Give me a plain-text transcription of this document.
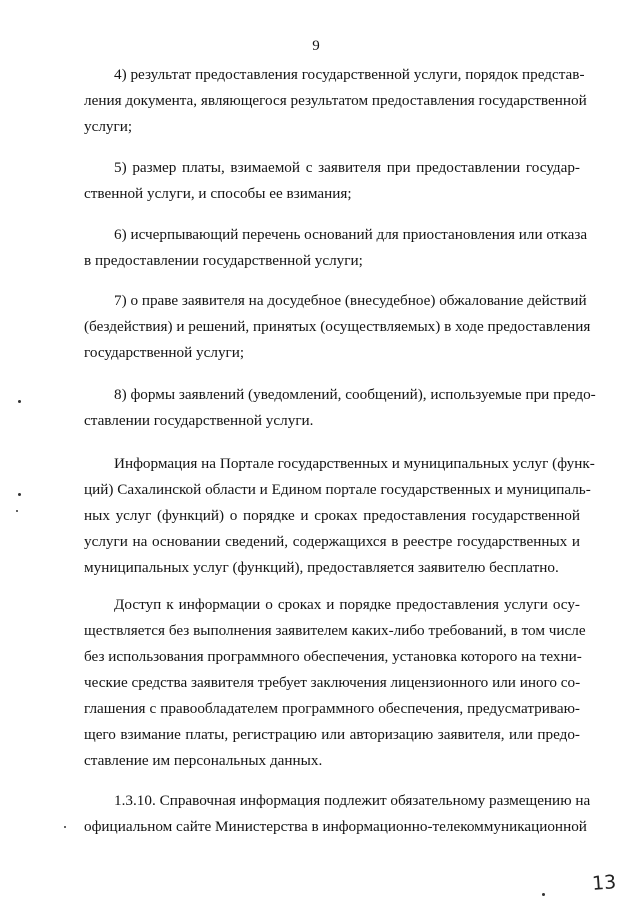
9

4) результат предоставления государственной услуги, порядок представ-
ления документа, являющегося результатом предоставления государственной
услуги;

5) размер платы, взимаемой с заявителя при предоставлении государ-
ственной услуги, и способы ее взимания;

6) исчерпывающий перечень оснований для приостановления или отказа
в предоставлении государственной услуги;

7) о праве заявителя на досудебное (внесудебное) обжалование действий
(бездействия) и решений, принятых (осуществляемых) в ходе предоставления
государственной услуги;

8) формы заявлений (уведомлений, сообщений), используемые при предо-
ставлении государственной услуги.

Информация на Портале государственных и муниципальных услуг (функ-
ций) Сахалинской области и Едином портале государственных и муниципаль-
ных услуг (функций) о порядке и сроках предоставления государственной
услуги на основании сведений, содержащихся в реестре государственных и
муниципальных услуг (функций), предоставляется заявителю бесплатно.

Доступ к информации о сроках и порядке предоставления услуги осу-
ществляется без выполнения заявителем каких-либо требований, в том числе
без использования программного обеспечения, установка которого на техни-
ческие средства заявителя требует заключения лицензионного или иного со-
глашения с правообладателем программного обеспечения, предусматриваю-
щего взимание платы, регистрацию или авторизацию заявителя, или предо-
ставление им персональных данных.

1.3.10. Справочная информация подлежит обязательному размещению на
официальном сайте Министерства в информационно-телекоммуникационной

13
